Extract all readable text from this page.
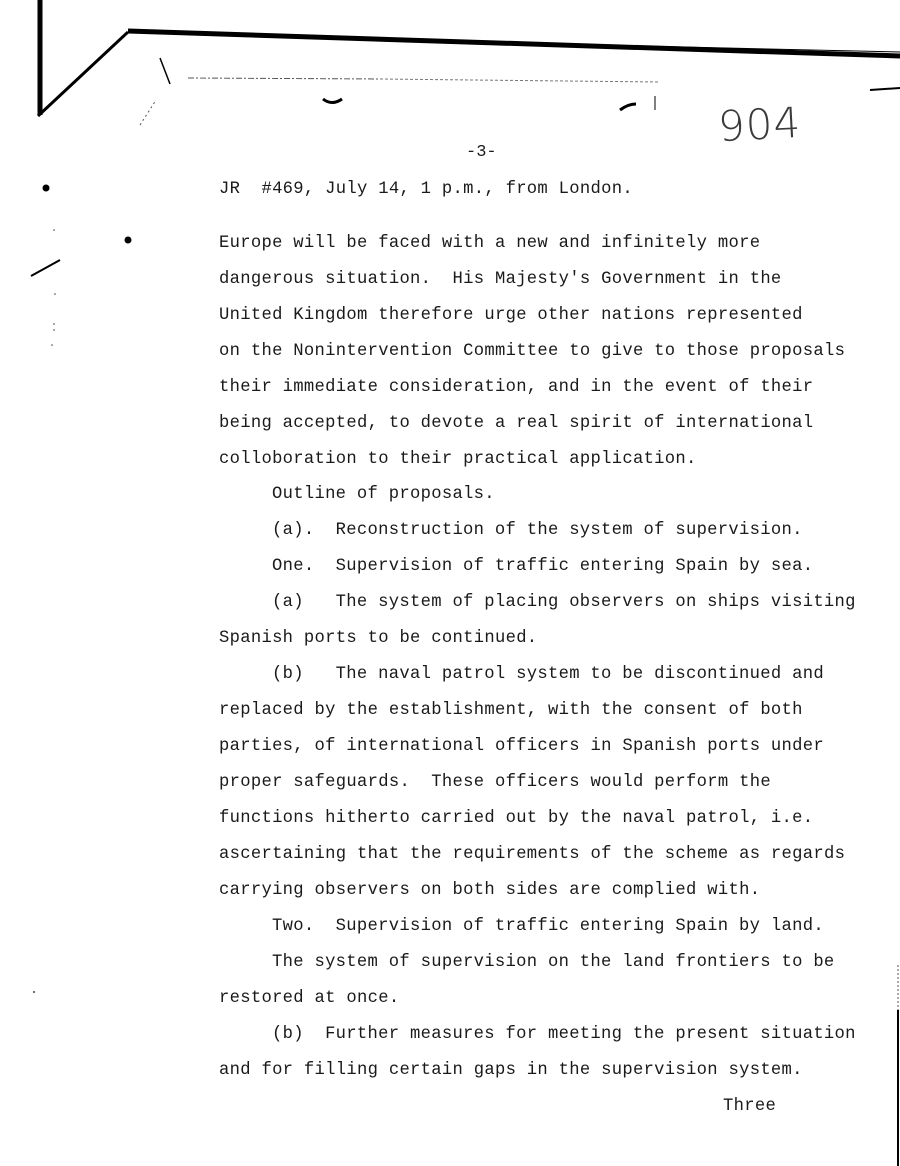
904
-3-
JR  #469, July 14, 1 p.m., from London.
Europe will be faced with a new and infinitely more
dangerous situation.  His Majesty's Government in the
United Kingdom therefore urge other nations represented
on the Nonintervention Committee to give to those proposals
their immediate consideration, and in the event of their
being accepted, to devote a real spirit of international
colloboration to their practical application.
Outline of proposals.
(a).  Reconstruction of the system of supervision.
One.  Supervision of traffic entering Spain by sea.
(a)   The system of placing observers on ships visiting
Spanish ports to be continued.
(b)   The naval patrol system to be discontinued and
replaced by the establishment, with the consent of both
parties, of international officers in Spanish ports under
proper safeguards.  These officers would perform the
functions hitherto carried out by the naval patrol, i.e.
ascertaining that the requirements of the scheme as regards
carrying observers on both sides are complied with.
Two.  Supervision of traffic entering Spain by land.
The system of supervision on the land frontiers to be
restored at once.
(b)  Further measures for meeting the present situation
and for filling certain gaps in the supervision system.
Three
